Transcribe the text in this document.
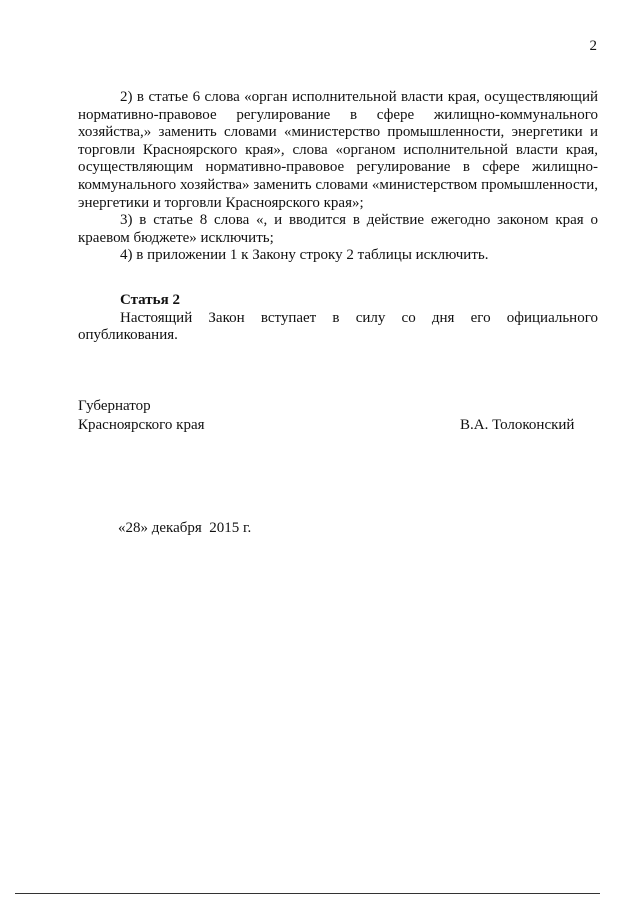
2

2) в статье 6 слова «орган исполнительной власти края, осуществляющий нормативно-правовое регулирование в сфере жилищно-коммунального хозяйства,» заменить словами «министерство промышленности, энергетики и торговли Красноярского края», слова «органом исполнительной власти края, осуществляющим нормативно-правовое регулирование в сфере жилищно-коммунального хозяйства» заменить словами «министерством промышленности, энергетики и торговли Красноярского края»;

3) в статье 8 слова «, и вводится в действие ежегодно законом края о краевом бюджете» исключить;

4) в приложении 1 к Закону строку 2 таблицы исключить.

Статья 2

Настоящий Закон вступает в силу со дня его официального опубликования.

Губернатор
Красноярского края	В.А. Толоконский
«28» декабря  2015 г.
